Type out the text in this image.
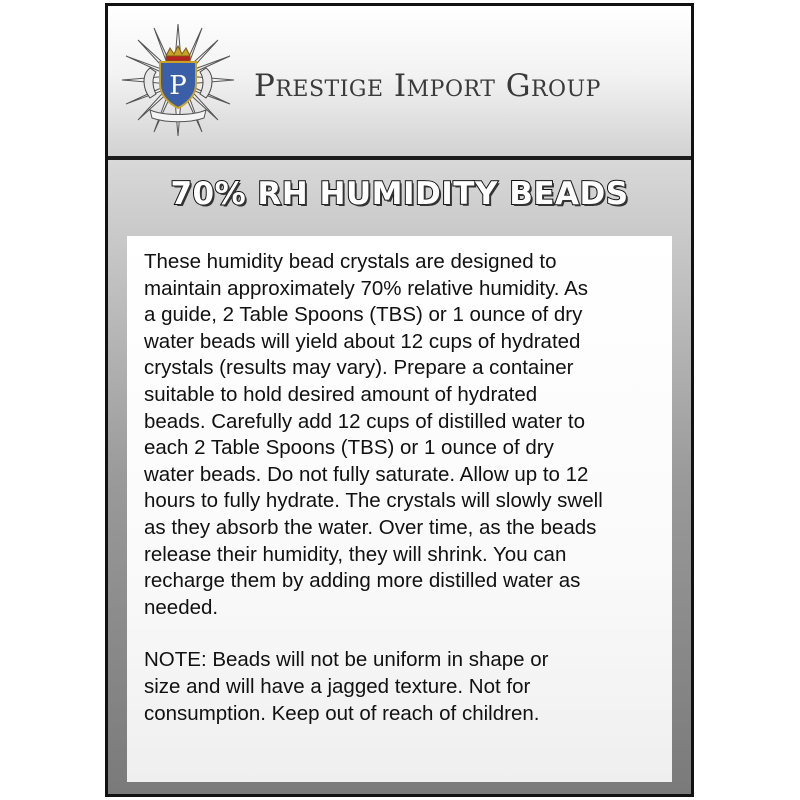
P Prestige Import Group
70% RH HUMIDITY BEADS

These humidity bead crystals are designed to
maintain approximately 70% relative humidity. As
a guide, 2 Table Spoons (TBS) or 1 ounce of dry
water beads will yield about 12 cups of hydrated
crystals (results may vary). Prepare a container
suitable to hold desired amount of hydrated
beads. Carefully add 12 cups of distilled water to
each 2 Table Spoons (TBS) or 1 ounce of dry
water beads. Do not fully saturate. Allow up to 12
hours to fully hydrate. The crystals will slowly swell
as they absorb the water. Over time, as the beads
release their humidity, they will shrink. You can
recharge them by adding more distilled water as
needed.

NOTE: Beads will not be uniform in shape or
size and will have a jagged texture. Not for
consumption. Keep out of reach of children.
